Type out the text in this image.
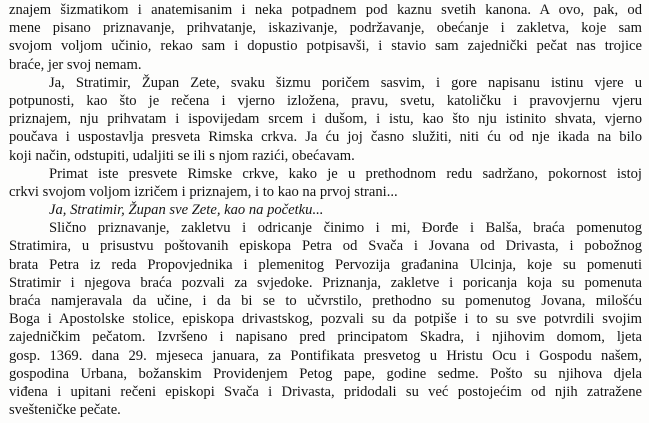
znajem šizmatikom i anatemisanim i neka potpadnem pod kaznu svetih kanona. A ovo, pak, od
mene pisano priznavanje, prihvatanje, iskazivanje, podržavanje, obećanje i zakletva, koje sam
svojom voljom učinio, rekao sam i dopustio potpisavši, i stavio sam zajednički pečat nas trojice
braće, jer svoj nemam.
Ja, Stratimir, Župan Zete, svaku šizmu poričem sasvim, i gore napisanu istinu vjere u
potpunosti, kao što je rečena i vjerno izložena, pravu, svetu, katoličku i pravovjernu vjeru
priznajem, nju prihvatam i ispovijedam srcem i dušom, i istu, kao što nju istinito shvata, vjerno
poučava i uspostavlja presveta Rimska crkva. Ja ću joj časno služiti, niti ću od nje ikada na bilo
koji način, odstupiti, udaljiti se ili s njom razići, obećavam.
Primat iste presvete Rimske crkve, kako je u prethodnom redu sadržano, pokornost istoj
crkvi svojom voljom izričem i priznajem, i to kao na prvoj strani...
Ja, Stratimir, Župan sve Zete, kao na početku...
Slično priznavanje, zakletvu i odricanje činimo i mi, Đorđe i Balša, braća pomenutog
Stratimira, u prisustvu poštovanih episkopa Petra od Svača i Jovana od Drivasta, i pobožnog
brata Petra iz reda Propovjednika i plemenitog Pervozija građanina Ulcinja, koje su pomenuti
Stratimir i njegova braća pozvali za svjedoke. Priznanja, zakletve i poricanja koja su pomenuta
braća namjeravala da učine, i da bi se to učvrstilo, prethodno su pomenutog Jovana, milošću
Boga i Apostolske stolice, episkopa drivastskog, pozvali su da potpiše i to su sve potvrdili svojim
zajedničkim pečatom. Izvršeno i napisano pred principatom Skadra, i njihovim domom, ljeta
gosp. 1369. dana 29. mjeseca januara, za Pontifikata presvetog u Hristu Ocu i Gospodu našem,
gospodina Urbana, božanskim Providenjem Petog pape, godine sedme. Pošto su njihova djela
viđena i upitani rečeni episkopi Svača i Drivasta, pridodali su već postojećim od njih zatražene
svešteničke pečate.
